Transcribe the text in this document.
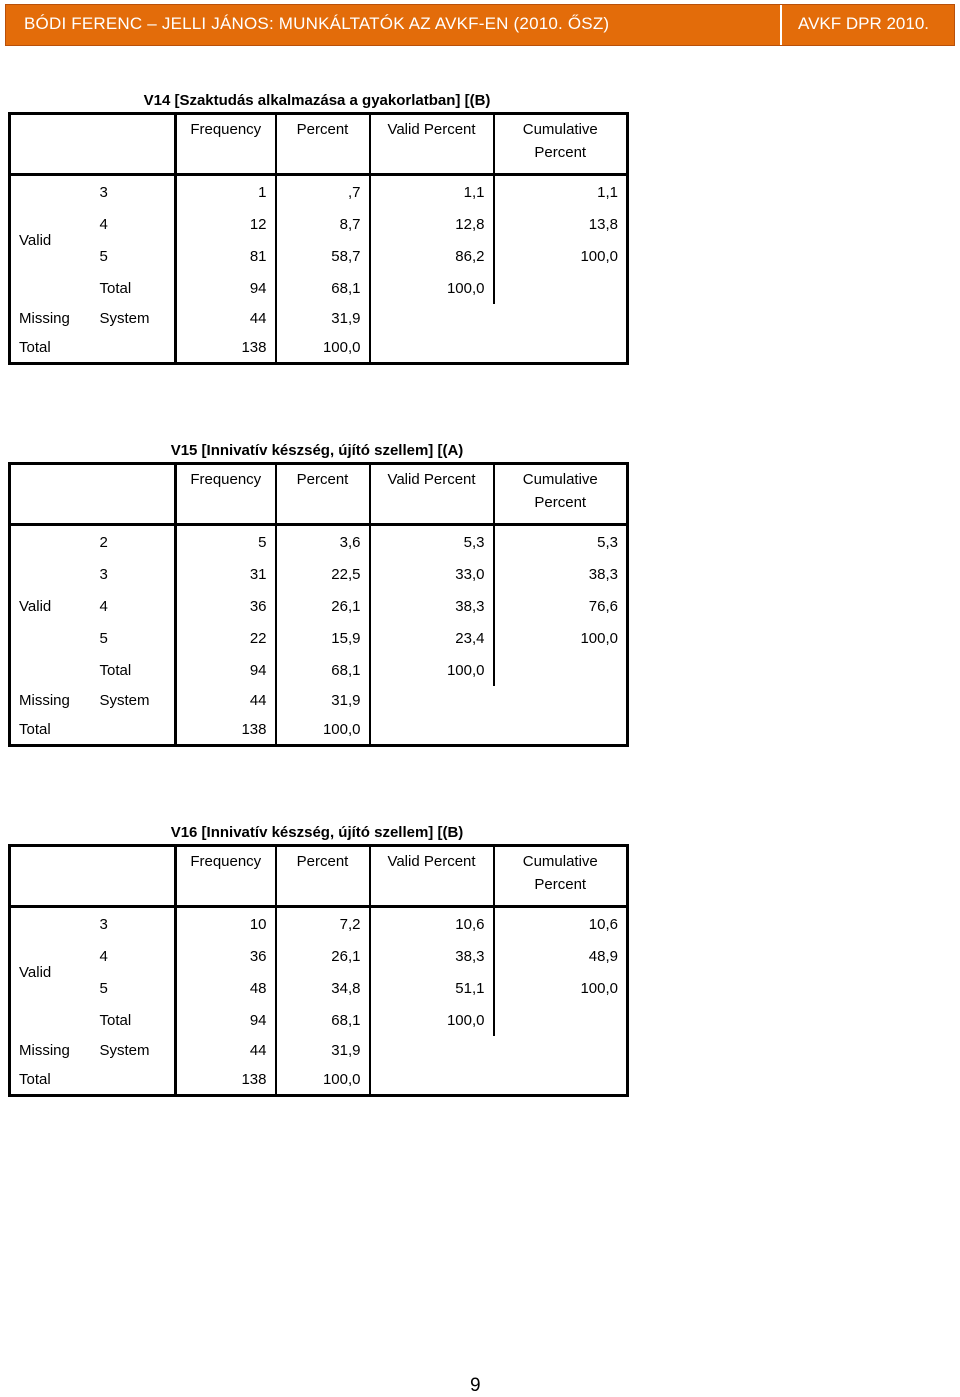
BÓDI FERENC – JELLI JÁNOS: MUNKÁLTATÓK AZ AVKF-EN (2010. ŐSZ)	AVKF DPR 2010.
V14 [Szaktudás alkalmazása a gyakorlatban] [(B)
		Frequency	Percent	Valid Percent	Cumulative
					Percent
Valid	3	1	,7	1,1	1,1
	4	12	8,7	12,8	13,8
	5	81	58,7	86,2	100,0
	Total	94	68,1	100,0	
Missing	System	44	31,9		
Total		138	100,0		
V15 [Innivatív készség, újító szellem] [(A)
		Frequency	Percent	Valid Percent	Cumulative
					Percent
Valid	2	5	3,6	5,3	5,3
	3	31	22,5	33,0	38,3
	4	36	26,1	38,3	76,6
	5	22	15,9	23,4	100,0
	Total	94	68,1	100,0	
Missing	System	44	31,9		
Total		138	100,0		
V16 [Innivatív készség, újító szellem] [(B)
		Frequency	Percent	Valid Percent	Cumulative
					Percent
Valid	3	10	7,2	10,6	10,6
	4	36	26,1	38,3	48,9
	5	48	34,8	51,1	100,0
	Total	94	68,1	100,0	
Missing	System	44	31,9		
Total		138	100,0		
9
